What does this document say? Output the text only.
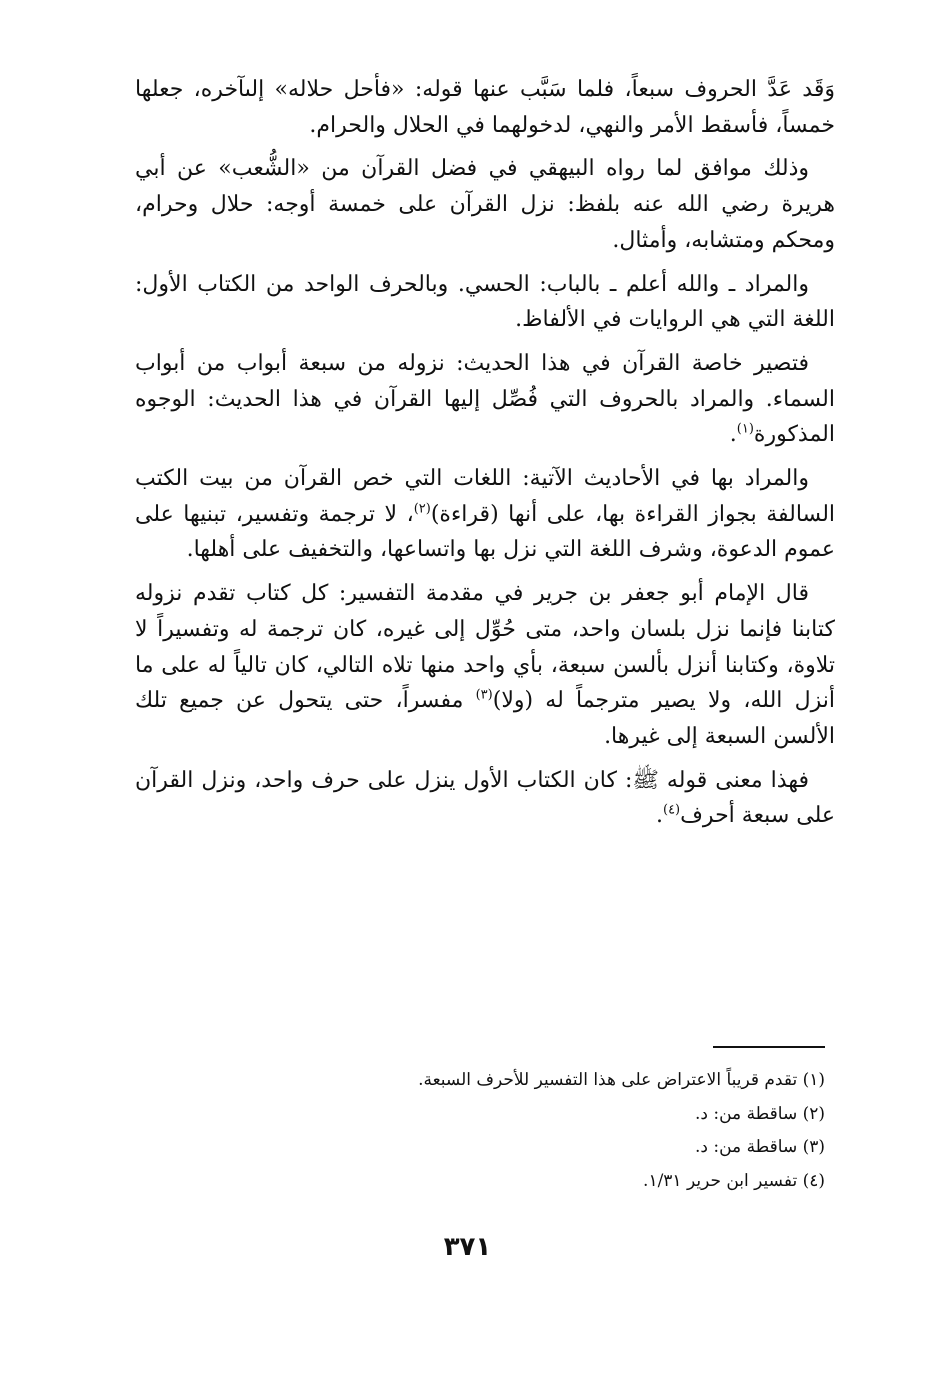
وَقَد عَدَّ الحروف سبعاً، فلما سَبَّب عنها قوله: «فأحل حلاله» إلىآخره، جعلها خمساً، فأسقط الأمر والنهي، لدخولهما في الحلال والحرام.

وذلك موافق لما رواه البيهقي في فضل القرآن من «الشُّعب» عن أبي هريرة رضي الله عنه بلفظ: نزل القرآن على خمسة أوجه: حلال وحرام، ومحكم ومتشابه، وأمثال.

والمراد ـ والله أعلم ـ بالباب: الحسي. وبالحرف الواحد من الكتاب الأول: اللغة التي هي الروايات في الألفاظ.

فتصير خاصة القرآن في هذا الحديث: نزوله من سبعة أبواب من أبواب السماء. والمراد بالحروف التي فُصِّل إليها القرآن في هذا الحديث: الوجوه المذكورة$^{(١)}$.

والمراد بها في الأحاديث الآتية: اللغات التي خص القرآن من بيت الكتب السالفة بجواز القراءة بها، على أنها (قراءة)$^{(٢)}$، لا ترجمة وتفسير، تبنيها على عموم الدعوة، وشرف اللغة التي نزل بها واتساعها، والتخفيف على أهلها.

قال الإمام أبو جعفر بن جرير في مقدمة التفسير: كل كتاب تقدم نزوله كتابنا فإنما نزل بلسان واحد، متى حُوِّل إلى غيره، كان ترجمة له وتفسيراً لا تلاوة، وكتابنا أنزل بألسن سبعة، بأي واحد منها تلاه التالي، كان تالياً له على ما أنزل الله، ولا يصير مترجماً له (ولا)$^{(٣)}$ مفسراً، حتى يتحول عن جميع تلك الألسن السبعة إلى غيرها.

فهذا معنى قوله ﷺ: كان الكتاب الأول ينزل على حرف واحد، ونزل القرآن على سبعة أحرف$^{(٤)}$.

(١) تقدم قريباً الاعتراض على هذا التفسير للأحرف السبعة.

(٢) ساقطة من: د.

(٣) ساقطة من: د.

(٤) تفسير ابن حرير ١/٣١.

٣٧١
